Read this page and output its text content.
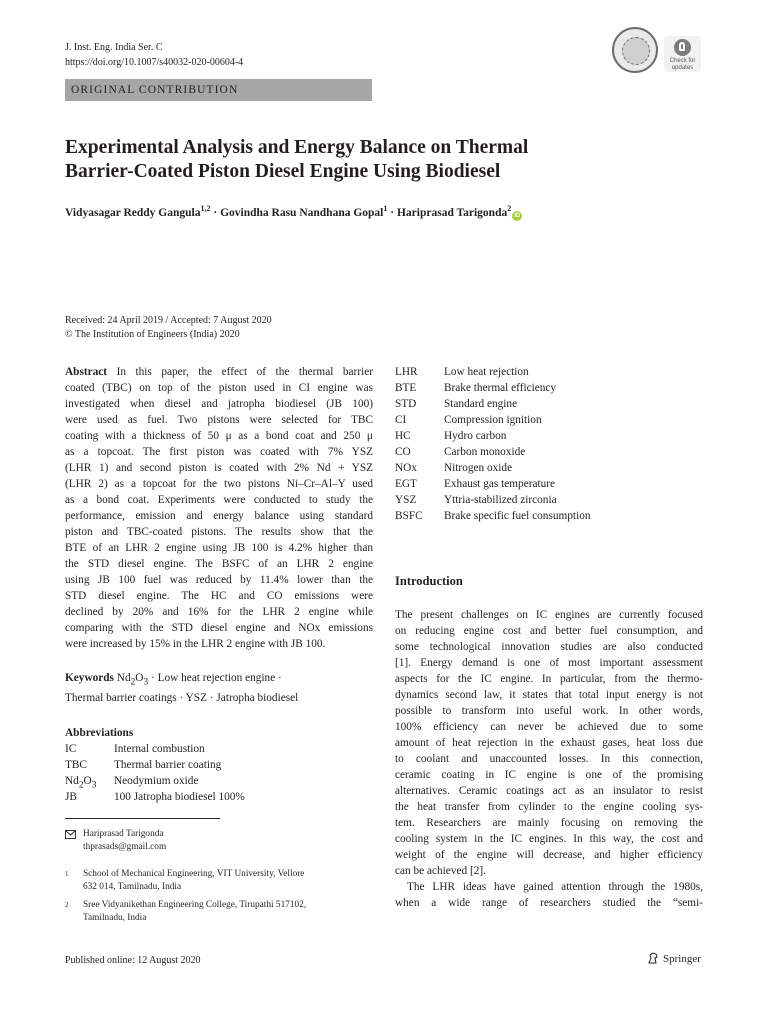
J. Inst. Eng. India Ser. C
https://doi.org/10.1007/s40032-020-00604-4	Check for
updates
ORIGINAL CONTRIBUTION
Experimental Analysis and Energy Balance on Thermal
Barrier-Coated Piston Diesel Engine Using Biodiesel
Vidyasagar Reddy Gangula$^{1,2}$ · Govindha Rasu Nandhana Gopal$^1$ · Hariprasad Tarigonda$^2$iD
Received: 24 April 2019 / Accepted: 7 August 2020
© The Institution of Engineers (India) 2020
Abstract In this paper, the effect of the thermal barrier
coated (TBC) on top of the piston used in CI engine was
investigated when diesel and jatropha biodiesel (JB 100)
were used as fuel. Two pistons were selected for TBC
coating with a thickness of 50 μ as a bond coat and 250 μ
as a topcoat. The first piston was coated with 7% YSZ
(LHR 1) and second piston is coated with 2% Nd + YSZ
(LHR 2) as a topcoat for the two pistons Ni–Cr–Al–Y used
as a bond coat. Experiments were conducted to study the
performance, emission and energy balance using standard
piston and TBC-coated pistons. The results show that the
BTE of an LHR 2 engine using JB 100 is 4.2% higher than
the STD diesel engine. The BSFC of an LHR 2 engine
using JB 100 fuel was reduced by 11.4% lower than the
STD diesel engine. The HC and CO emissions were
declined by 20% and 16% for the LHR 2 engine while
comparing with the STD diesel engine and NOx emissions
were increased by 15% in the LHR 2 engine with JB 100.
Keywords $Nd_2O_3$ · Low heat rejection engine ·
Thermal barrier coatings · YSZ · Jatropha biodiesel
Abbreviations
IC	Internal combustion
TBC	Thermal barrier coating
$Nd_2O_3$	Neodymium oxide
JB	100 Jatropha biodiesel 100%
LHR	Low heat rejection
BTE	Brake thermal efficiency
STD	Standard engine
CI	Compression ignition
HC	Hydro carbon
CO	Carbon monoxide
NOx	Nitrogen oxide
EGT	Exhaust gas temperature
YSZ	Yttria-stabilized zirconia
BSFC	Brake specific fuel consumption
Introduction
The present challenges on IC engines are currently focused
on reducing engine cost and better fuel consumption, and
some technological innovation studies are also conducted
[1]. Energy demand is one of most important assessment
aspects for the IC engine. In particular, from the thermo-
dynamics second law, it states that total input energy is not
possible to transform into useful work. In other words,
100% efficiency can never be achieved due to some
amount of heat rejection in the exhaust gases, heat loss due
to coolant and unaccounted losses. In this connection,
ceramic coating in IC engine is one of the promising
alternatives. Ceramic coatings act as an insulator to resist
the heat transfer from cylinder to the engine cooling sys-
tem. Researchers are mainly focusing on removing the
cooling system in the IC engines. In this way, the cost and
weight of the engine will decrease, and higher efficiency
can be achieved [2].
The LHR ideas have gained attention through the 1980s,
when a wide range of researchers studied the “semi-
Hariprasad Tarigonda
thprasads@gmail.com
1	School of Mechanical Engineering, VIT University, Vellore
632 014, Tamilnadu, India
2	Sree Vidyanikethan Engineering College, Tirupathi 517102,
Tamilnadu, India
Published online: 12 August 2020	Springer
